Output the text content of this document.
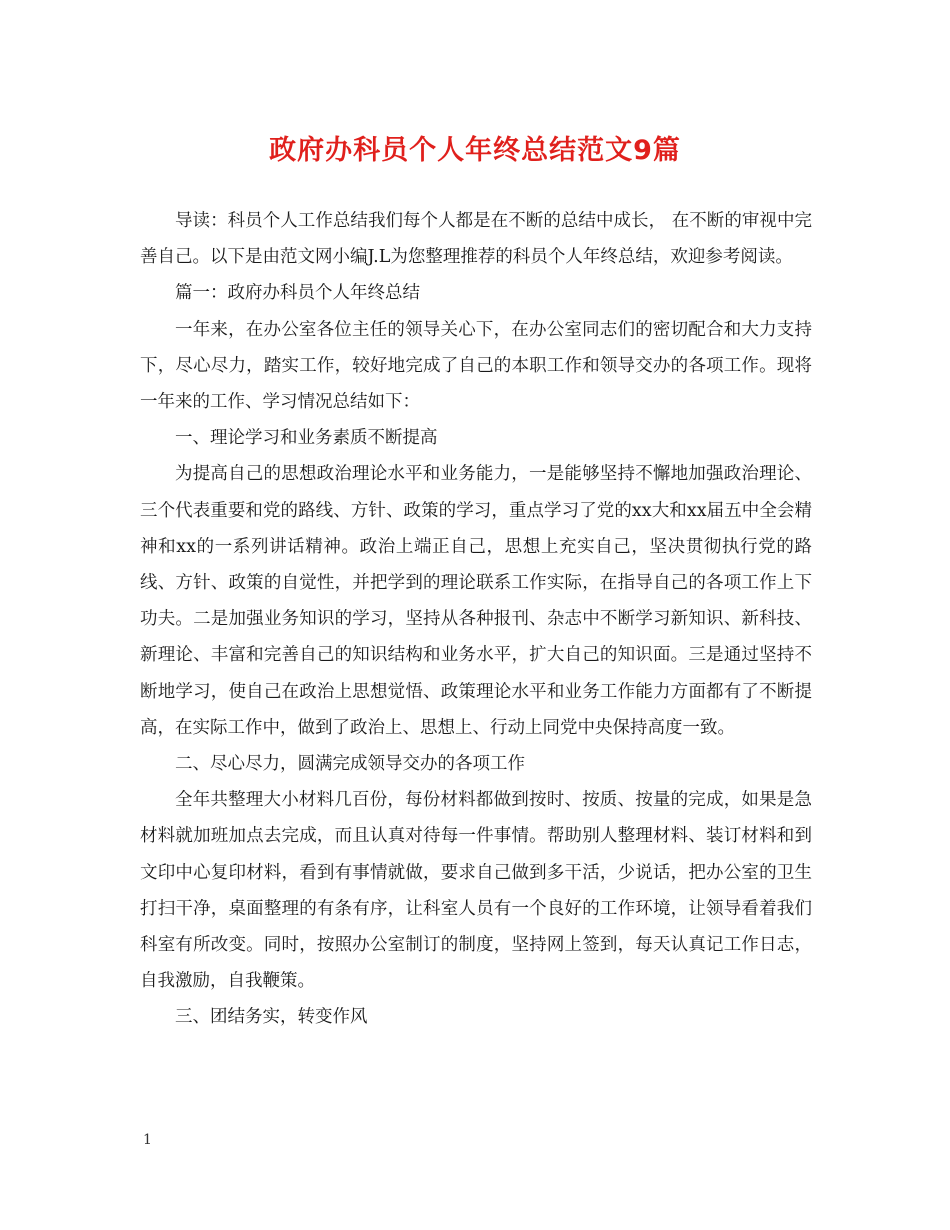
政府办科员个人年终总结范文9篇

导读：科员个人工作总结我们每个人都是在不断的总结中成长， 在不断的审视中完善自己。以下是由范文网小编J.L为您整理推荐的科员个人年终总结，欢迎参考阅读。

篇一：政府办科员个人年终总结

一年来，在办公室各位主任的领导关心下，在办公室同志们的密切配合和大力支持下，尽心尽力，踏实工作，较好地完成了自己的本职工作和领导交办的各项工作。现将一年来的工作、学习情况总结如下：

一、理论学习和业务素质不断提高

为提高自己的思想政治理论水平和业务能力，一是能够坚持不懈地加强政治理论、三个代表重要和党的路线、方针、政策的学习，重点学习了党的xx大和xx届五中全会精神和xx的一系列讲话精神。政治上端正自己，思想上充实自己，坚决贯彻执行党的路线、方针、政策的自觉性，并把学到的理论联系工作实际，在指导自己的各项工作上下功夫。二是加强业务知识的学习，坚持从各种报刊、杂志中不断学习新知识、新科技、新理论、丰富和完善自己的知识结构和业务水平，扩大自己的知识面。三是通过坚持不断地学习，使自己在政治上思想觉悟、政策理论水平和业务工作能力方面都有了不断提高，在实际工作中，做到了政治上、思想上、行动上同党中央保持高度一致。

二、尽心尽力，圆满完成领导交办的各项工作

全年共整理大小材料几百份，每份材料都做到按时、按质、按量的完成，如果是急材料就加班加点去完成，而且认真对待每一件事情。帮助别人整理材料、装订材料和到文印中心复印材料，看到有事情就做，要求自己做到多干活，少说话，把办公室的卫生打扫干净，桌面整理的有条有序，让科室人员有一个良好的工作环境，让领导看着我们科室有所改变。同时，按照办公室制订的制度，坚持网上签到，每天认真记工作日志，自我激励，自我鞭策。

三、团结务实，转变作风

1
